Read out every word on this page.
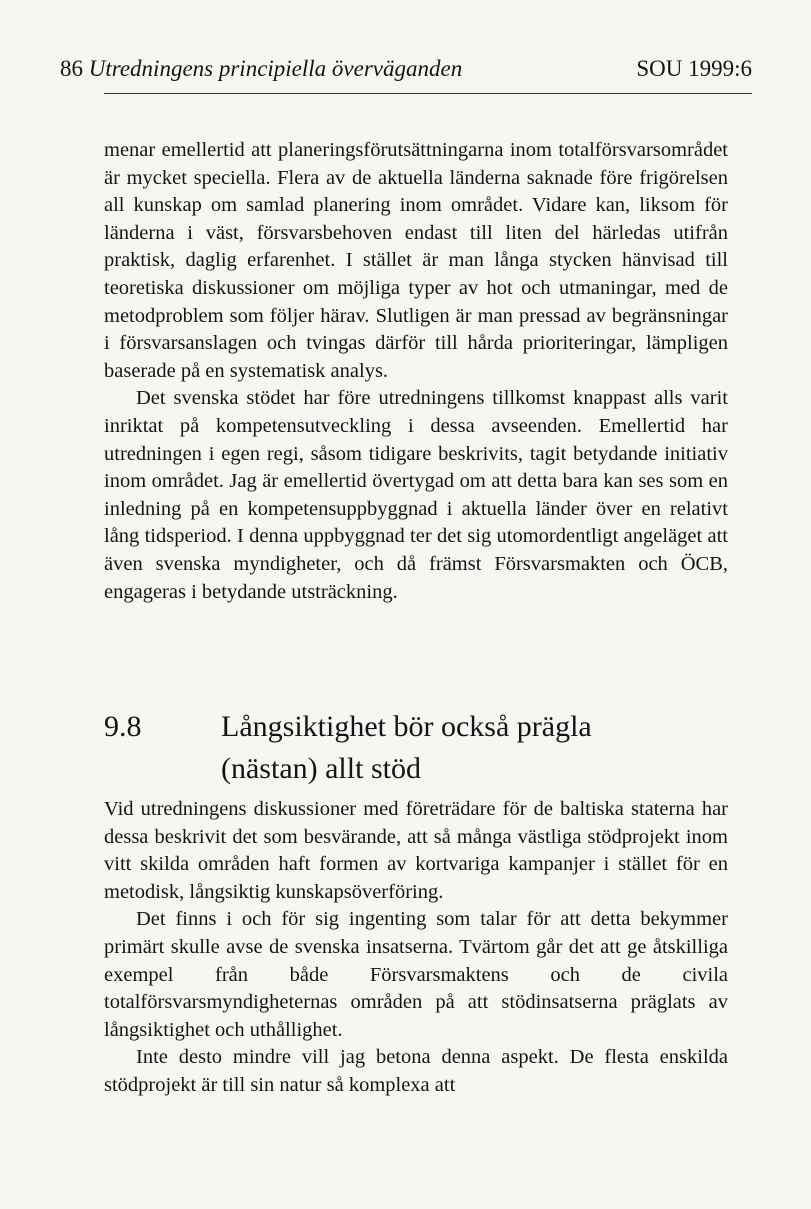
86 Utredningens principiella överväganden	SOU 1999:6

menar emellertid att planeringsförutsättningarna inom totalförsvarsområdet är mycket speciella. Flera av de aktuella länderna saknade före frigörelsen all kunskap om samlad planering inom området. Vidare kan, liksom för länderna i väst, försvarsbehoven endast till liten del härledas utifrån praktisk, daglig erfarenhet. I stället är man långa stycken hänvisad till teoretiska diskussioner om möjliga typer av hot och utmaningar, med de metodproblem som följer härav. Slutligen är man pressad av begränsningar i försvarsanslagen och tvingas därför till hårda prioriteringar, lämpligen baserade på en systematisk analys.

Det svenska stödet har före utredningens tillkomst knappast alls varit inriktat på kompetensutveckling i dessa avseenden. Emellertid har utredningen i egen regi, såsom tidigare beskrivits, tagit betydande initiativ inom området. Jag är emellertid övertygad om att detta bara kan ses som en inledning på en kompetensuppbyggnad i aktuella länder över en relativt lång tidsperiod. I denna uppbyggnad ter det sig utomordentligt angeläget att även svenska myndigheter, och då främst Försvarsmakten och ÖCB, engageras i betydande utsträckning.

9.8	Långsiktighet bör också prägla
(nästan) allt stöd

Vid utredningens diskussioner med företrädare för de baltiska staterna har dessa beskrivit det som besvärande, att så många västliga stödprojekt inom vitt skilda områden haft formen av kortvariga kampanjer i stället för en metodisk, långsiktig kunskapsöverföring.

Det finns i och för sig ingenting som talar för att detta bekymmer primärt skulle avse de svenska insatserna. Tvärtom går det att ge åtskilliga exempel från både Försvarsmaktens och de civila totalförsvarsmyndigheternas områden på att stödinsatserna präglats av långsiktighet och uthållighet.

Inte desto mindre vill jag betona denna aspekt. De flesta enskilda stödprojekt är till sin natur så komplexa att
